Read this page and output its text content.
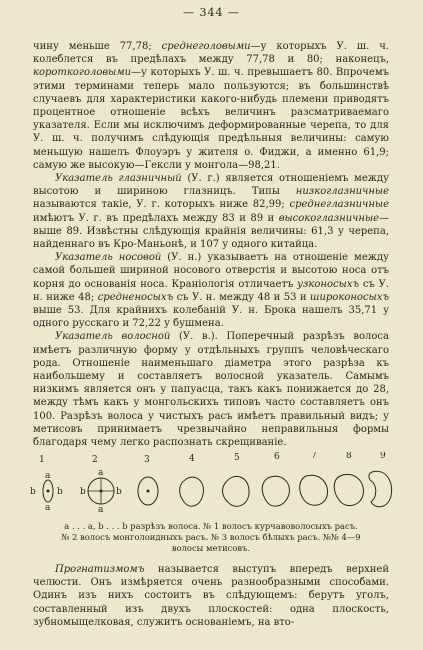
— 344 —

чину меньше 77,78; среднеголовыми—у которыхъ У. ш. ч. колеблется въ предѣлахъ между 77,78 и 80; наконецъ, короткоголовыми—у которыхъ У. ш. ч. превышаетъ 80. Впрочемъ этими терминами теперь мало пользуются; въ большинствѣ случаевъ для характеристики какого-нибудь племени приводятъ процентное отношеніе всѣхъ величинъ разсматриваемаго указателя. Если мы исключимъ деформированные черепа, то для У. ш. ч. получимъ слѣдующія предѣльныя величины: самую меньшую нашелъ Флоуэръ у жителя о. Фиджи, а именно 61,9; самую же высокую—Гексли у монгола—98,21.

Указатель глазничный (У. г.) является отношеніемъ между высотою и шириною глазницъ. Типы низкоглазничные называются такіе, У. г. которыхъ ниже 82,99; среднеглазничные имѣютъ У. г. въ предѣлахъ между 83 и 89 и высокоглазничные— выше 89. Извѣстны слѣдующія крайнія величины: 61,3 у черепа, найденнаго въ Кро-Маньонѣ, и 107 у одного китайца.

Указатель носовой (У. н.) указываетъ на отношеніе между самой большей шириной носового отверстія и высотою носа отъ корня до основанія носа. Краніологія отличаетъ узконосыхъ съ У. н. ниже 48; средненосыхъ съ У. н. между 48 и 53 и широконосыхъ выше 53. Для крайнихъ колебаній У. н. Брока нашелъ 35,71 у одного русскаго и 72,22 у бушмена.

Указатель волосной (У. в.). Поперечный разрѣзъ волоса имѣетъ различную форму у отдѣльныхъ группъ человѣческаго рода. Отношеніе наименьшаго діаметра этого разрѣза къ наибольшему и составляетъ волосной указатель. Самымъ низкимъ является онъ у папуасца, такъ какъ понижается до 28, между тѣмъ какъ у монгольскихъ типовъ часто составляетъ онъ 100. Разрѣзъ волоса у чистыхъ расъ имѣетъ правильный видъ; у метисовъ принимаетъ чрезвычайно неправильныя формы благодаря чему легко распознать скрещиваніе.

1	2	3	4	5	6	7	8	9
a
a
b b
a
a
b	b
а . . . а, b . . . b разрѣзъ волоса. № 1 волосъ курчавоволосыхъ расъ.
№ 2 волосъ монголоидныхъ расъ. № 3 волосъ бѣлыхъ расъ. №№ 4—9
волосы метисовъ.

Прогнатизмомъ называется выступъ впередъ верхней челюсти. Онъ измѣряется очень разнообразными способами. Одинъ изъ нихъ состоитъ въ слѣдующемъ: берутъ уголъ, составленный изъ двухъ плоскостей: одна плоскость, зубномыщелковая, служитъ основаніемъ, на вто-
